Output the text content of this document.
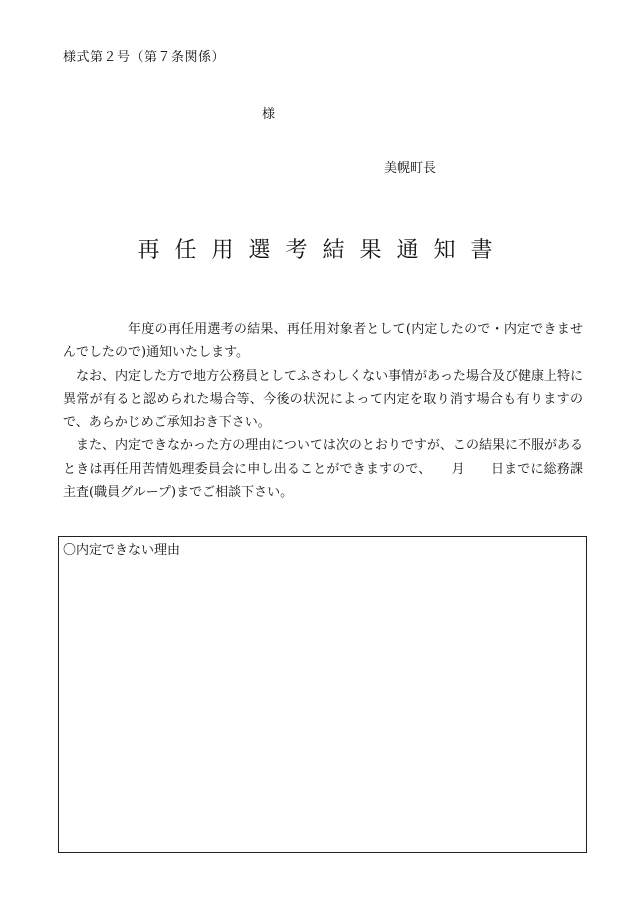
様式第２号（第７条関係）
様
美幌町長
再任用選考結果通知書

年度の再任用選考の結果、再任用対象者として(内定したので・内定できませんでしたので)通知いたします。

なお、内定した方で地方公務員としてふさわしくない事情があった場合及び健康上特に異常が有ると認められた場合等、今後の状況によって内定を取り消す場合も有りますので、あらかじめご承知おき下さい。

また、内定できなかった方の理由については次のとおりですが、この結果に不服があるときは再任用苦情処理委員会に申し出ることができますので、 月 日までに総務課主査(職員グループ)までご相談下さい。

〇内定できない理由
